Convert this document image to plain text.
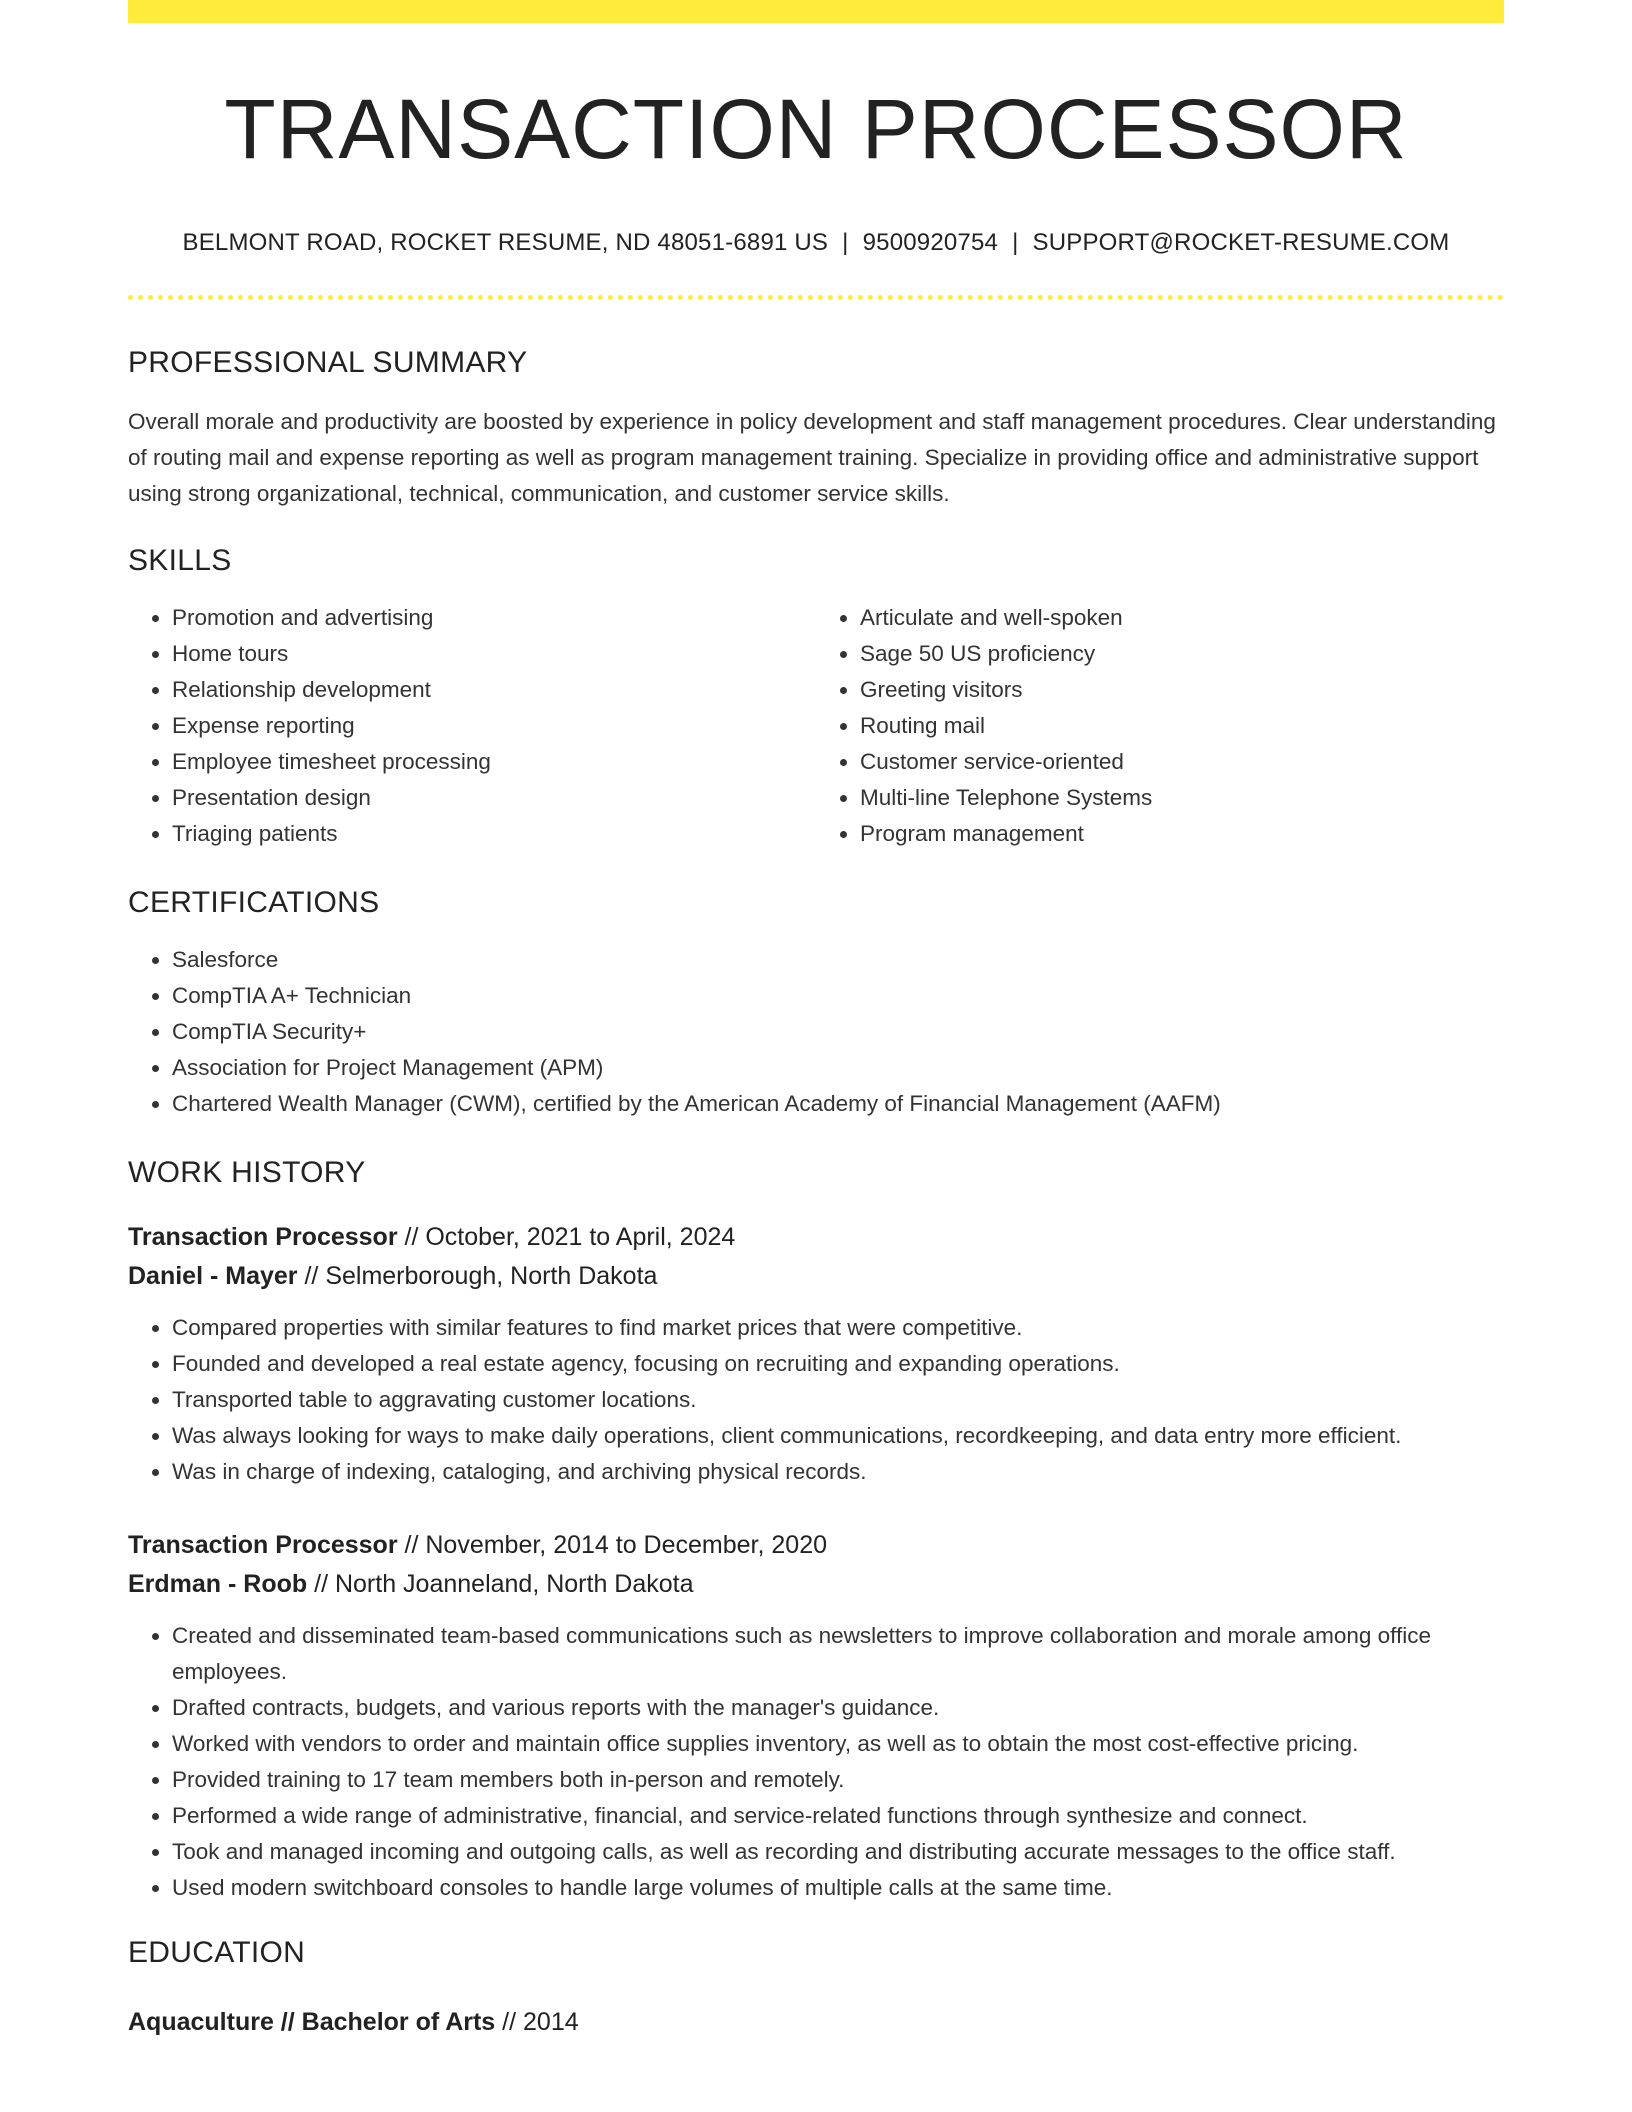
TRANSACTION PROCESSOR
BELMONT ROAD, ROCKET RESUME, ND 48051-6891 US | 9500920754 | SUPPORT@ROCKET-RESUME.COM
PROFESSIONAL SUMMARY
Overall morale and productivity are boosted by experience in policy development and staff management procedures. Clear understanding of routing mail and expense reporting as well as program management training. Specialize in providing office and administrative support using strong organizational, technical, communication, and customer service skills.
SKILLS
• Promotion and advertising
• Home tours
• Relationship development
• Expense reporting
• Employee timesheet processing
• Presentation design
• Triaging patients
• Articulate and well-spoken
• Sage 50 US proficiency
• Greeting visitors
• Routing mail
• Customer service-oriented
• Multi-line Telephone Systems
• Program management
CERTIFICATIONS
• Salesforce
• CompTIA A+ Technician
• CompTIA Security+
• Association for Project Management (APM)
• Chartered Wealth Manager (CWM), certified by the American Academy of Financial Management (AAFM)
WORK HISTORY
Transaction Processor // October, 2021 to April, 2024
Daniel - Mayer // Selmerborough, North Dakota
• Compared properties with similar features to find market prices that were competitive.
• Founded and developed a real estate agency, focusing on recruiting and expanding operations.
• Transported table to aggravating customer locations.
• Was always looking for ways to make daily operations, client communications, recordkeeping, and data entry more efficient.
• Was in charge of indexing, cataloging, and archiving physical records.
Transaction Processor // November, 2014 to December, 2020
Erdman - Roob // North Joanneland, North Dakota
• Created and disseminated team-based communications such as newsletters to improve collaboration and morale among office employees.
• Drafted contracts, budgets, and various reports with the manager's guidance.
• Worked with vendors to order and maintain office supplies inventory, as well as to obtain the most cost-effective pricing.
• Provided training to 17 team members both in-person and remotely.
• Performed a wide range of administrative, financial, and service-related functions through synthesize and connect.
• Took and managed incoming and outgoing calls, as well as recording and distributing accurate messages to the office staff.
• Used modern switchboard consoles to handle large volumes of multiple calls at the same time.
EDUCATION
Aquaculture // Bachelor of Arts // 2014
